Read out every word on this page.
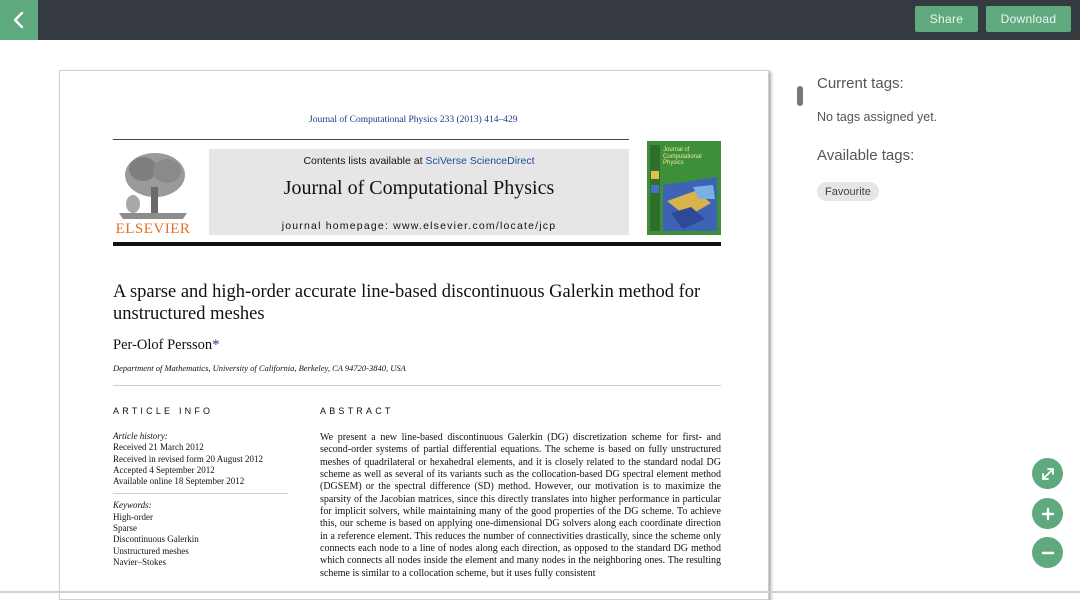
Share	Download
Journal of Computational Physics 233 (2013) 414–429
ELSEVIER
Contents lists available at SciVerse ScienceDirect
Journal of Computational Physics
journal homepage: www.elsevier.com/locate/jcp
Journal of Computational Physics
A sparse and high-order accurate line-based discontinuous Galerkin method for unstructured meshes
Per-Olof Persson*
Department of Mathematics, University of California, Berkeley, CA 94720-3840, USA
ARTICLE INFO	ABSTRACT
Article history:
Received 21 March 2012
Received in revised form 20 August 2012
Accepted 4 September 2012
Available online 18 September 2012
Keywords:
High-order
Sparse
Discontinuous Galerkin
Unstructured meshes
Navier–Stokes
We present a new line-based discontinuous Galerkin (DG) discretization scheme for first- and second-order systems of partial differential equations. The scheme is based on fully unstructured meshes of quadrilateral or hexahedral elements, and it is closely related to the standard nodal DG scheme as well as several of its variants such as the collocation-based DG spectral element method (DGSEM) or the spectral difference (SD) method. However, our motivation is to maximize the sparsity of the Jacobian matrices, since this directly translates into higher performance in particular for implicit solvers, while maintaining many of the good properties of the DG scheme. To achieve this, our scheme is based on applying one-dimensional DG solvers along each coordinate direction in a reference element. This reduces the number of connectivities drastically, since the scheme only connects each node to a line of nodes along each direction, as opposed to the standard DG method which connects all nodes inside the element and many nodes in the neighboring ones. The resulting scheme is similar to a collocation scheme, but it uses fully consistent
Current tags:
No tags assigned yet.
Available tags:
Favourite
